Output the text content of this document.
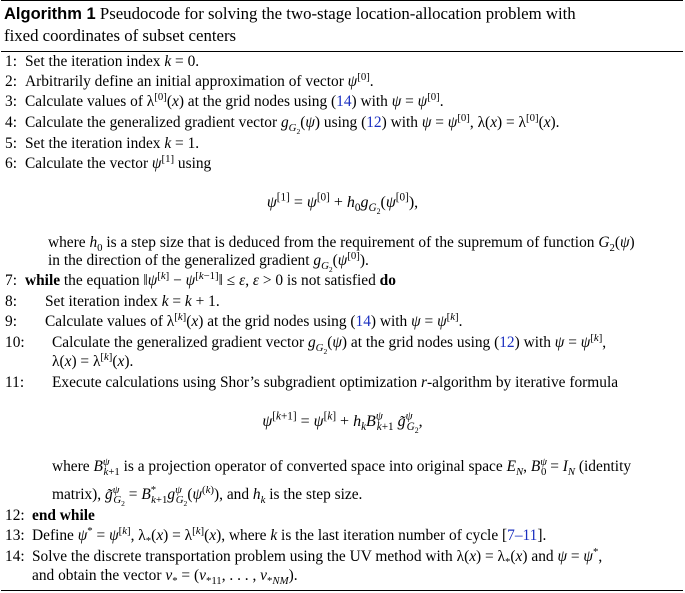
Algorithm 1 Pseudocode for solving the two-stage location-allocation problem with
fixed coordinates of subset centers
1: Set the iteration index k = 0.
2: Arbitrarily define an initial approximation of vector ψ[0].
3: Calculate values of λ[0](x) at the grid nodes using (14) with ψ = ψ[0].
4: Calculate the generalized gradient vector $g_{G_2}(\psi)$ using (12) with ψ = ψ[0], λ(x) = λ[0](x).
5: Set the iteration index k = 1.
6: Calculate the vector ψ[1] using
$\psi[1] = \psi[0] + h_0g_{G_2}(\psi[0])$,
where $h_0$ is a step size that is deduced from the requirement of the supremum of function $G_2(\psi)$
in the direction of the generalized gradient $g_{G_2}(\psi[0])$.
7: while the equation ‖ψ[k] − ψ[k−1]‖ ≤ ε, ε > 0 is not satisfied do
8: Set iteration index k = k + 1.
9: Calculate values of λ[k](x) at the grid nodes using (14) with ψ = ψ[k].
10: Calculate the generalized gradient vector $g_{G_2}(\psi)$ at the grid nodes using (12) with ψ = ψ[k],
λ(x) = λ[k](x).
11: Execute calculations using Shor’s subgradient optimization r-algorithm by iterative formula
$\psi[k+1] = \psi[k] + h_kB^\psi_{k+1}$ g̃$^\psi_{G_2}$,
where $B^\psi_{k+1}$ is a projection operator of converted space into original space $E_N$, $B^\psi_0 = I_N$ (identity
matrix), g̃$^\psi_{G_2}$ = $B^*_{k+1}g^\psi_{G_2}(\psi^{(k)})$, and $h_k$ is the step size.
12: end while
13: Define ψ* = ψ[k], $\lambda_*(x) = \lambda[k](x)$, where k is the last iteration number of cycle [7–11].
14: Solve the discrete transportation problem using the UV method with $\lambda(x) = \lambda_*(x)$ and ψ = ψ*,
and obtain the vector $\nu_* = (\nu_{*11}$, . . . , $\nu_{*NM}$).
